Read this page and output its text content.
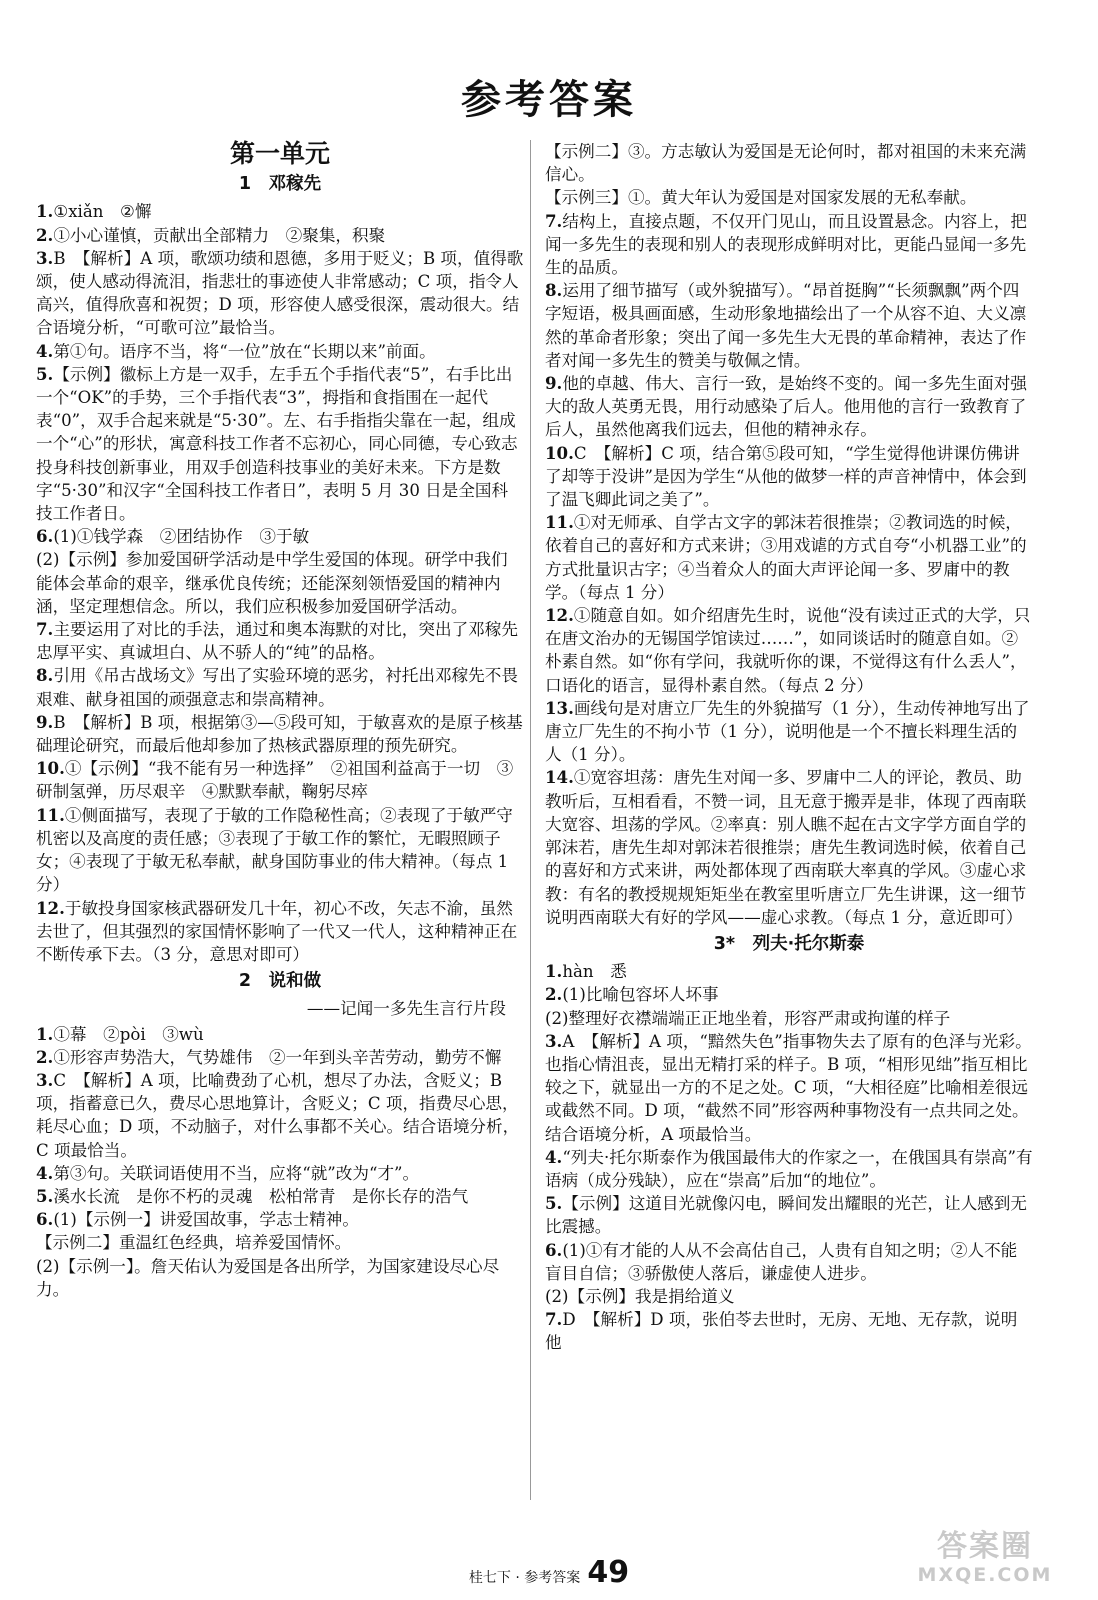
参考答案
第一单元
1　邓稼先

1.①xiǎn　②懈

2.①小心谨慎，贡献出全部精力　②聚集，积聚

3.B　【解析】A 项，歌颂功绩和恩德，多用于贬义；B 项，值得歌颂，使人感动得流泪，指悲壮的事迹使人非常感动；C 项，指令人高兴，值得欣喜和祝贺；D 项，形容使人感受很深，震动很大。结合语境分析，“可歌可泣”最恰当。

4.第①句。语序不当，将“一位”放在“长期以来”前面。

5.【示例】徽标上方是一双手，左手五个手指代表“5”，右手比出一个“OK”的手势，三个手指代表“3”，拇指和食指围在一起代表“0”，双手合起来就是“5·30”。左、右手指指尖靠在一起，组成一个“心”的形状，寓意科技工作者不忘初心，同心同德，专心致志投身科技创新事业，用双手创造科技事业的美好未来。下方是数字“5·30”和汉字“全国科技工作者日”，表明 5 月 30 日是全国科技工作者日。

6.(1)①钱学森　②团结协作　③于敏

(2)【示例】参加爱国研学活动是中学生爱国的体现。研学中我们能体会革命的艰辛，继承优良传统；还能深刻领悟爱国的精神内涵，坚定理想信念。所以，我们应积极参加爱国研学活动。

7.主要运用了对比的手法，通过和奥本海默的对比，突出了邓稼先忠厚平实、真诚坦白、从不骄人的“纯”的品格。

8.引用《吊古战场文》写出了实验环境的恶劣，衬托出邓稼先不畏艰难、献身祖国的顽强意志和崇高精神。

9.B　【解析】B 项，根据第③—⑤段可知，于敏喜欢的是原子核基础理论研究，而最后他却参加了热核武器原理的预先研究。

10.①【示例】“我不能有另一种选择”　②祖国利益高于一切　③研制氢弹，历尽艰辛　④默默奉献，鞠躬尽瘁

11.①侧面描写，表现了于敏的工作隐秘性高；②表现了于敏严守机密以及高度的责任感；③表现了于敏工作的繁忙，无暇照顾子女；④表现了于敏无私奉献，献身国防事业的伟大精神。（每点 1 分）

12.于敏投身国家核武器研发几十年，初心不改，矢志不渝，虽然去世了，但其强烈的家国情怀影响了一代又一代人，这种精神正在不断传承下去。（3 分，意思对即可）

2　说和做
——记闻一多先生言行片段

1.①幕　②pòi　③wù

2.①形容声势浩大，气势雄伟　②一年到头辛苦劳动，勤劳不懈

3.C　【解析】A 项，比喻费劲了心机，想尽了办法，含贬义；B 项，指蓄意已久，费尽心思地算计，含贬义；C 项，指费尽心思，耗尽心血；D 项，不动脑子，对什么事都不关心。结合语境分析，C 项最恰当。

4.第③句。关联词语使用不当，应将“就”改为“才”。

5.溪水长流　是你不朽的灵魂　松柏常青　是你长存的浩气

6.(1)【示例一】讲爱国故事，学志士精神。

【示例二】重温红色经典，培养爱国情怀。

(2)【示例一】。詹天佑认为爱国是各出所学，为国家建设尽心尽力。

【示例二】③。方志敏认为爱国是无论何时，都对祖国的未来充满信心。

【示例三】①。黄大年认为爱国是对国家发展的无私奉献。

7.结构上，直接点题，不仅开门见山，而且设置悬念。内容上，把闻一多先生的表现和别人的表现形成鲜明对比，更能凸显闻一多先生的品质。

8.运用了细节描写（或外貌描写）。“昂首挺胸”“长须飘飘”两个四字短语，极具画面感，生动形象地描绘出了一个从容不迫、大义凛然的革命者形象；突出了闻一多先生大无畏的革命精神，表达了作者对闻一多先生的赞美与敬佩之情。

9.他的卓越、伟大、言行一致，是始终不变的。闻一多先生面对强大的敌人英勇无畏，用行动感染了后人。他用他的言行一致教育了后人，虽然他离我们远去，但他的精神永存。

10.C　【解析】C 项，结合第⑤段可知，“学生觉得他讲课仿佛讲了却等于没讲”是因为学生“从他的做梦一样的声音神情中，体会到了温飞卿此词之美了”。

11.①对无师承、自学古文字的郭沫若很推崇；②教词选的时候，依着自己的喜好和方式来讲；③用戏谑的方式自夸“小机器工业”的方式批量识古字；④当着众人的面大声评论闻一多、罗庸中的教学。（每点 1 分）

12.①随意自如。如介绍唐先生时，说他“没有读过正式的大学，只在唐文治办的无锡国学馆读过……”，如同谈话时的随意自如。②朴素自然。如“你有学问，我就听你的课，不觉得这有什么丢人”，口语化的语言，显得朴素自然。（每点 2 分）

13.画线句是对唐立厂先生的外貌描写（1 分），生动传神地写出了唐立厂先生的不拘小节（1 分），说明他是一个不擅长料理生活的人（1 分）。

14.①宽容坦荡：唐先生对闻一多、罗庸中二人的评论，教员、助教听后，互相看看，不赞一词，且无意于搬弄是非，体现了西南联大宽容、坦荡的学风。②率真：别人瞧不起在古文字学方面自学的郭沫若，唐先生却对郭沫若很推崇；唐先生教词选时候，依着自己的喜好和方式来讲，两处都体现了西南联大率真的学风。③虚心求教：有名的教授规规矩矩坐在教室里听唐立厂先生讲课，这一细节说明西南联大有好的学风——虚心求教。（每点 1 分，意近即可）

3*　列夫·托尔斯泰

1.hàn　悉

2.(1)比喻包容坏人坏事

(2)整理好衣襟端端正正地坐着，形容严肃或拘谨的样子

3.A　【解析】A 项，“黯然失色”指事物失去了原有的色泽与光彩。也指心情沮丧，显出无精打采的样子。B 项，“相形见绌”指互相比较之下，就显出一方的不足之处。C 项，“大相径庭”比喻相差很远或截然不同。D 项，“截然不同”形容两种事物没有一点共同之处。结合语境分析，A 项最恰当。

4.“列夫·托尔斯泰作为俄国最伟大的作家之一，在俄国具有崇高”有语病（成分残缺），应在“崇高”后加“的地位”。

5.【示例】这道目光就像闪电，瞬间发出耀眼的光芒，让人感到无比震撼。

6.(1)①有才能的人从不会高估自己，人贵有自知之明；②人不能盲目自信；③骄傲使人落后，谦虚使人进步。

(2)【示例】我是捐给道义

7.D　【解析】D 项，张伯苓去世时，无房、无地、无存款，说明他

桂七下 · 参考答案 49
答案圈
MXQE.COM
